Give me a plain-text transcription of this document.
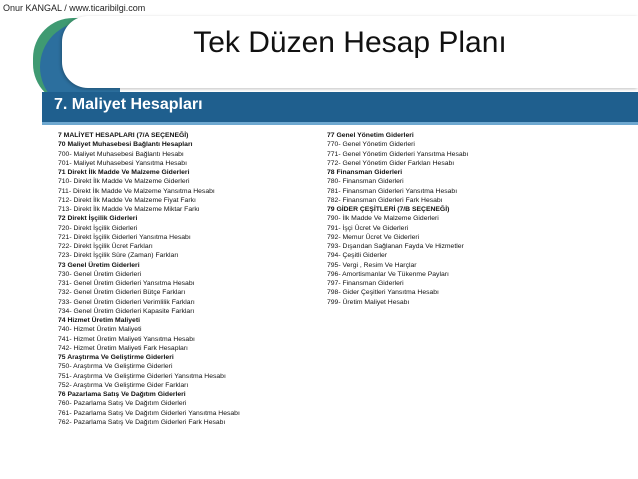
Onur KANGAL / www.ticaribilgi.com
Tek Düzen Hesap Planı
7. Maliyet Hesapları
7 MALİYET HESAPLARI (7/A SEÇENEĞİ)
70 Maliyet Muhasebesi Bağlantı Hesapları
700- Maliyet Muhasebesi Bağlantı Hesabı
701- Maliyet Muhasebesi Yansıtma Hesabı
71 Direkt İlk Madde Ve Malzeme Giderleri
710- Direkt İlk Madde Ve Malzeme Giderleri
711- Direkt İlk Madde Ve Malzeme Yansıtma Hesabı
712- Direkt İlk Madde Ve Malzeme Fiyat Farkı
713- Direkt İlk Madde Ve Malzeme Miktar Farkı
72 Direkt İşçilik Giderleri
720- Direkt İşçilik Giderleri
721- Direkt İşçilik Giderleri Yansıtma Hesabı
722- Direkt İşçilik Ücret Farkları
723- Direkt İşçilik Süre (Zaman) Farkları
73 Genel Üretim Giderleri
730- Genel Üretim Giderleri
731- Genel Üretim Giderleri Yansıtma Hesabı
732- Genel Üretim Giderleri Bütçe Farkları
733- Genel Üretim Giderleri Verimlilik Farkları
734- Genel Üretim Giderleri Kapasite Farkları
74 Hizmet Üretim Maliyeti
740- Hizmet Üretim Maliyeti
741- Hizmet Üretim Maliyeti Yansıtma Hesabı
742- Hizmet Üretim Maliyeti Fark Hesapları
75 Araştırma Ve Geliştirme Giderleri
750- Araştırma Ve Geliştirme Giderleri
751- Araştırma Ve Geliştirme Giderleri Yansıtma Hesabı
752- Araştırma Ve Geliştirme Gider Farkları
76 Pazarlama Satış Ve Dağıtım Giderleri
760- Pazarlama Satış Ve Dağıtım Giderleri
761- Pazarlama Satış Ve Dağıtım Giderleri Yansıtma Hesabı
762- Pazarlama Satış Ve Dağıtım Giderleri Fark Hesabı
77 Genel Yönetim Giderleri
770- Genel Yönetim Giderleri
771- Genel Yönetim Giderleri Yansıtma Hesabı
772- Genel Yönetim Gider Farkları Hesabı
78 Finansman Giderleri
780- Finansman Giderleri
781- Finansman Giderleri Yansıtma Hesabı
782- Finansman Giderleri Fark Hesabı
79 GİDER ÇEŞİTLERİ (7/B SEÇENEĞİ)
790- İlk Madde Ve Malzeme Giderleri
791- İşçi Ücret Ve Giderleri
792- Memur Ücret Ve Giderleri
793- Dışarıdan Sağlanan Fayda Ve Hizmetler
794- Çeşitli Giderler
795- Vergi , Resim Ve Harçlar
796- Amortismanlar Ve Tükenme Payları
797- Finansman Giderleri
798- Gider Çeşitleri Yansıtma Hesabı
799- Üretim Maliyet Hesabı
